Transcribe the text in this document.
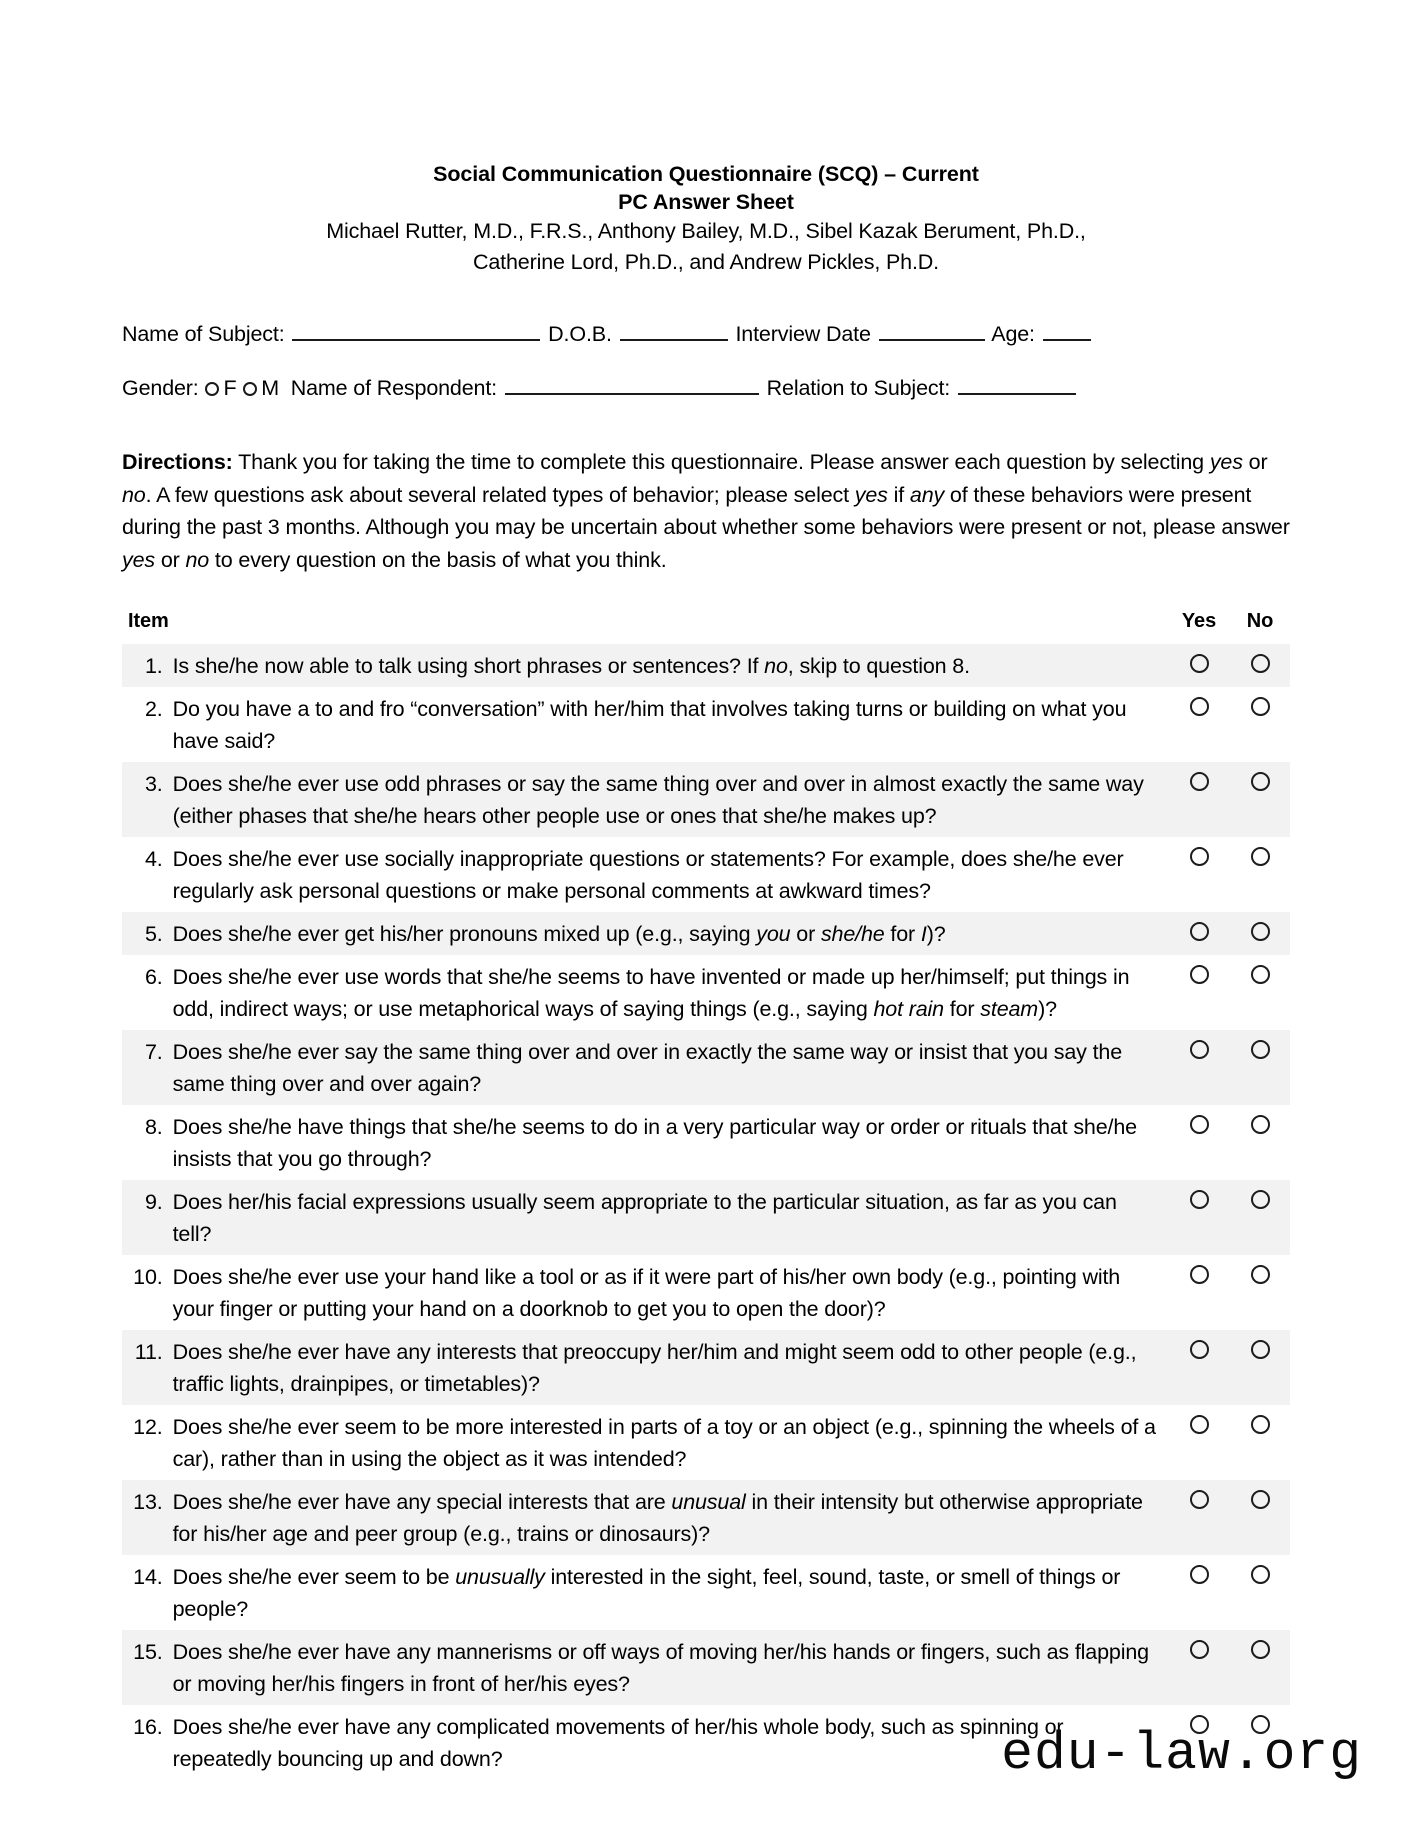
Social Communication Questionnaire (SCQ) – Current
PC Answer Sheet
Michael Rutter, M.D., F.R.S., Anthony Bailey, M.D., Sibel Kazak Berument, Ph.D.,
Catherine Lord, Ph.D., and Andrew Pickles, Ph.D.
Name of Subject:	D.O.B.	Interview Date	Age:
Gender: F M Name of Respondent:	Relation to Subject:
Directions: Thank you for taking the time to complete this questionnaire. Please answer each question by selecting yes or no. A few questions ask about several related types of behavior; please select yes if any of these behaviors were present during the past 3 months. Although you may be uncertain about whether some behaviors were present or not, please answer yes or no to every question on the basis of what you think.
Item		Yes	No
1.	Is she/he now able to talk using short phrases or sentences? If no, skip to question 8.		
2.	Do you have a to and fro “conversation” with her/him that involves taking turns or building on what you have said?		
3.	Does she/he ever use odd phrases or say the same thing over and over in almost exactly the same way (either phases that she/he hears other people use or ones that she/he makes up?		
4.	Does she/he ever use socially inappropriate questions or statements? For example, does she/he ever regularly ask personal questions or make personal comments at awkward times?		
5.	Does she/he ever get his/her pronouns mixed up (e.g., saying you or she/he for I)?		
6.	Does she/he ever use words that she/he seems to have invented or made up her/himself; put things in odd, indirect ways; or use metaphorical ways of saying things (e.g., saying hot rain for steam)?		
7.	Does she/he ever say the same thing over and over in exactly the same way or insist that you say the same thing over and over again?		
8.	Does she/he have things that she/he seems to do in a very particular way or order or rituals that she/he insists that you go through?		
9.	Does her/his facial expressions usually seem appropriate to the particular situation, as far as you can tell?		
10.	Does she/he ever use your hand like a tool or as if it were part of his/her own body (e.g., pointing with your finger or putting your hand on a doorknob to get you to open the door)?		
11.	Does she/he ever have any interests that preoccupy her/him and might seem odd to other people (e.g., traffic lights, drainpipes, or timetables)?		
12.	Does she/he ever seem to be more interested in parts of a toy or an object (e.g., spinning the wheels of a car), rather than in using the object as it was intended?		
13.	Does she/he ever have any special interests that are unusual in their intensity but otherwise appropriate for his/her age and peer group (e.g., trains or dinosaurs)?		
14.	Does she/he ever seem to be unusually interested in the sight, feel, sound, taste, or smell of things or people?		
15.	Does she/he ever have any mannerisms or off ways of moving her/his hands or fingers, such as flapping or moving her/his fingers in front of her/his eyes?		
16.	Does she/he ever have any complicated movements of her/his whole body, such as spinning or repeatedly bouncing up and down?			edu-law.org
